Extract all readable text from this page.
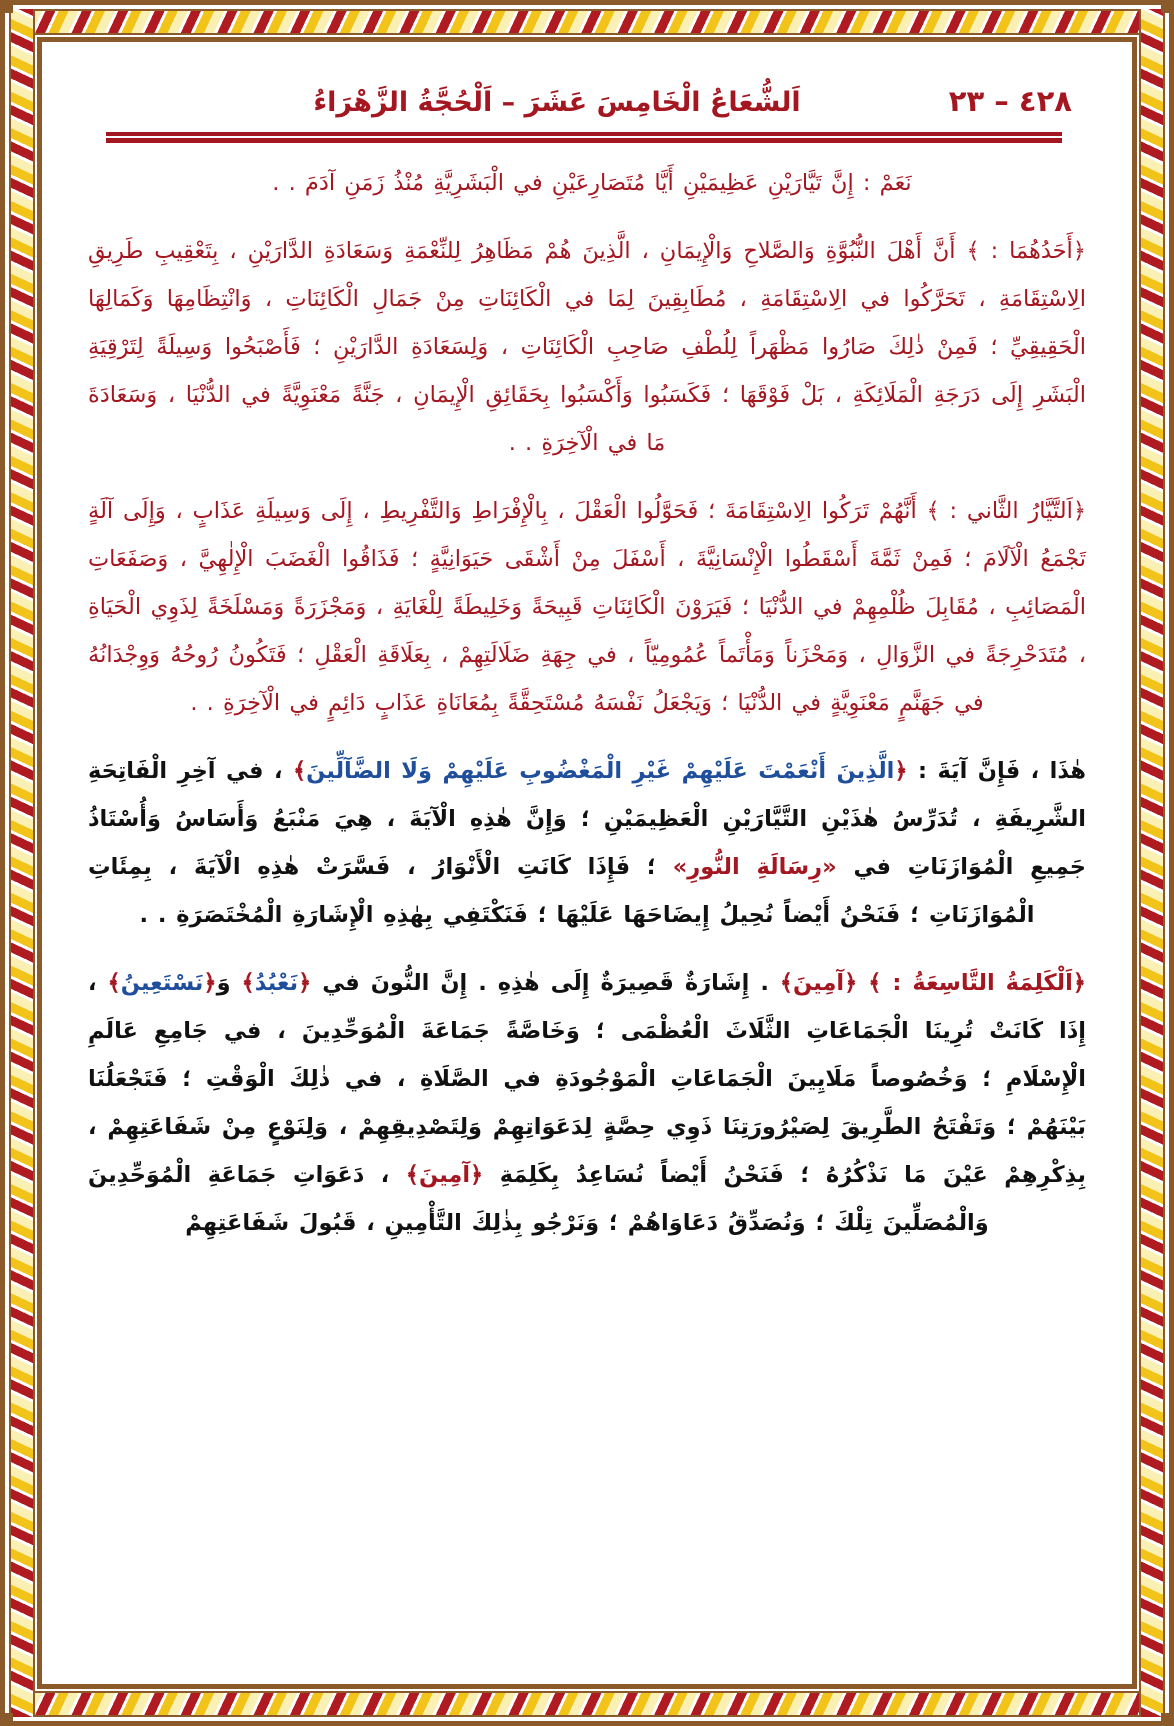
٤٢٨ – ٢٣
اَلشُّعَاعُ الْخَامِسَ عَشَرَ – اَلْحُجَّةُ الزَّهْرَاءُ

نَعَمْ : إِنَّ تَيَّارَيْنِ عَظِيمَيْنِ أَيَّا مُتَصَارِعَيْنِ في الْبَشَرِيَّةِ مُنْذُ زَمَنِ آدَمَ . .

﴿أَحَدُهُمَا : ﴾ أَنَّ أَهْلَ النُّبُوَّةِ وَالصَّلاحِ وَالْإِيمَانِ ، الَّذِينَ هُمْ مَظَاهِرُ لِلنِّعْمَةِ وَسَعَادَةِ الدَّارَيْنِ ، بِتَعْقِيبِ طَرِيقِ الِاسْتِقَامَةِ ، تَحَرَّكُوا في الِاسْتِقَامَةِ ، مُطَابِقِينَ لِمَا في الْكَائِنَاتِ مِنْ جَمَالِ الْكَائِنَاتِ ، وَانْتِظَامِهَا وَكَمَالِهَا الْحَقِيقِيِّ ؛ فَمِنْ ذٰلِكَ صَارُوا مَظْهَراً لِلُطْفِ صَاحِبِ الْكَائِنَاتِ ، وَلِسَعَادَةِ الدَّارَيْنِ ؛ فَأَصْبَحُوا وَسِيلَةً لِتَرْقِيَةِ الْبَشَرِ إِلَى دَرَجَةِ الْمَلَائِكَةِ ، بَلْ فَوْقَهَا ؛ فَكَسَبُوا وَأَكْسَبُوا بِحَقَائِقِ الْإِيمَانِ ، جَنَّةً مَعْنَوِيَّةً في الدُّنْيَا ، وَسَعَادَةَ مَا في الْآخِرَةِ . .

﴿اَلتَّيَّارُ الثَّاني : ﴾ أَنَّهُمْ تَرَكُوا الِاسْتِقَامَةَ ؛ فَحَوَّلُوا الْعَقْلَ ، بِالْإِفْرَاطِ وَالتَّفْرِيطِ ، إِلَى وَسِيلَةِ عَذَابٍ ، وَإِلَى آلَةٍ تَجْمَعُ الْآلَامَ ؛ فَمِنْ ثَمَّةَ أَسْقَطُوا الْإِنْسَانِيَّةَ ، أَسْفَلَ مِنْ أَشْقَى حَيَوَانِيَّةٍ ؛ فَذَاقُوا الْغَضَبَ الْإِلٰهِيَّ ، وَصَفَعَاتِ الْمَصَائِبِ ، مُقَابِلَ ظُلْمِهِمْ في الدُّنْيَا ؛ فَيَرَوْنَ الْكَائِنَاتِ قَبِيحَةً وَخَلِيطَةً لِلْغَايَةِ ، وَمَجْزَرَةً وَمَسْلَخَةً لِذَوِي الْحَيَاةِ ، مُتَدَحْرِجَةً في الزَّوَالِ ، وَمَحْزَناً وَمَأْتَماً عُمُومِيّاً ، في جِهَةِ ضَلَالَتِهِمْ ، بِعَلَاقَةِ الْعَقْلِ ؛ فَتَكُونُ رُوحُهُ وَوِجْدَانُهُ في جَهَنَّمٍ مَعْنَوِيَّةٍ في الدُّنْيَا ؛ وَيَجْعَلُ نَفْسَهُ مُسْتَحِقَّةً بِمُعَانَاةِ عَذَابٍ دَائِمٍ في الْآخِرَةِ . .

هٰذَا ، فَإِنَّ آيَةَ : ﴿الَّذِينَ أَنْعَمْتَ عَلَيْهِمْ غَيْرِ الْمَغْضُوبِ عَلَيْهِمْ وَلَا الضَّآلِّينَ﴾ ، في آخِرِ الْفَاتِحَةِ الشَّرِيفَةِ ، تُدَرِّسُ هٰذَيْنِ التَّيَّارَيْنِ الْعَظِيمَيْنِ ؛ وَإِنَّ هٰذِهِ الْآيَةَ ، هِيَ مَنْبَعُ وَأَسَاسُ وَأُسْتَاذُ جَمِيعِ الْمُوَازَنَاتِ في «رِسَالَةِ النُّورِ» ؛ فَإِذَا كَانَتِ الْأَنْوَارُ ، فَسَّرَتْ هٰذِهِ الْآيَةَ ، بِمِئَاتِ الْمُوَازَنَاتِ ؛ فَنَحْنُ أَيْضاً نُحِيلُ إِيضَاحَهَا عَلَيْهَا ؛ فَنَكْتَفِي بِهٰذِهِ الْإِشَارَةِ الْمُخْتَصَرَةِ . .

﴿اَلْكَلِمَةُ التَّاسِعَةُ : ﴾ ﴿آمِينَ﴾ . إِشَارَةٌ قَصِيرَةٌ إِلَى هٰذِهِ . إِنَّ النُّونَ في ﴿نَعْبُدُ﴾ وَ﴿نَسْتَعِينُ﴾ ، إِذَا كَانَتْ تُرِينَا الْجَمَاعَاتِ الثَّلَاثَ الْعُظْمَى ؛ وَخَاصَّةً جَمَاعَةَ الْمُوَحِّدِينَ ، في جَامِعِ عَالَمِ الْإِسْلَامِ ؛ وَخُصُوصاً مَلَايِينَ الْجَمَاعَاتِ الْمَوْجُودَةِ في الصَّلَاةِ ، في ذٰلِكَ الْوَقْتِ ؛ فَتَجْعَلُنَا بَيْنَهُمْ ؛ وَتَفْتَحُ الطَّرِيقَ لِصَيْرُورَتِنَا ذَوِي حِصَّةٍ لِدَعَوَاتِهِمْ وَلِتَصْدِيقِهِمْ ، وَلِنَوْعٍ مِنْ شَفَاعَتِهِمْ ، بِذِكْرِهِمْ عَيْنَ مَا نَذْكُرُهُ ؛ فَنَحْنُ أَيْضاً نُسَاعِدُ بِكَلِمَةِ ﴿آمِينَ﴾ ، دَعَوَاتِ جَمَاعَةِ الْمُوَحِّدِينَ وَالْمُصَلِّينَ تِلْكَ ؛ وَنُصَدِّقُ دَعَاوَاهُمْ ؛ وَنَرْجُو بِذٰلِكَ التَّأْمِينِ ، قَبُولَ شَفَاعَتِهِمْ
